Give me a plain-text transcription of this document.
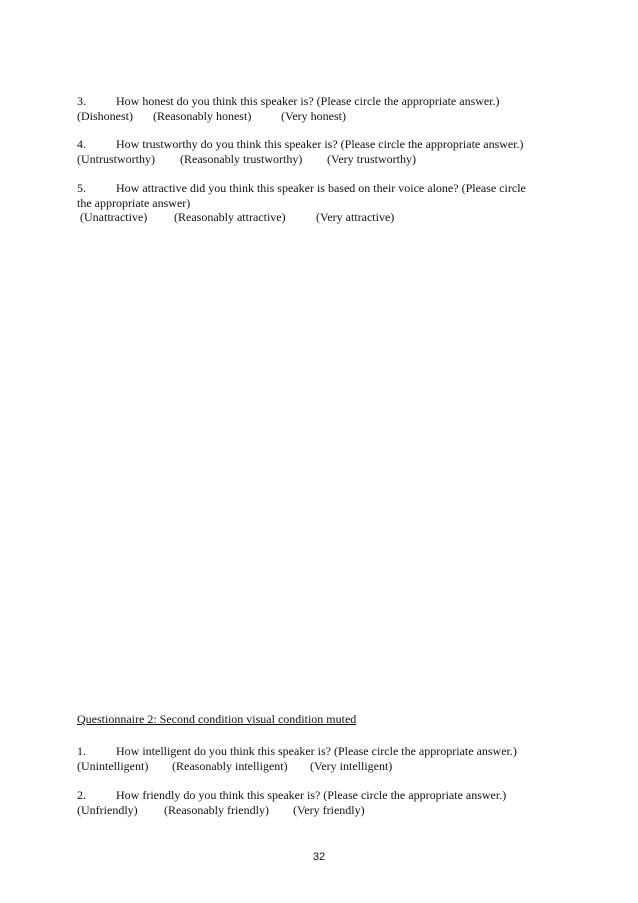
3.	How honest do you think this speaker is? (Please circle the appropriate answer.)
(Dishonest) (Reasonably honest) (Very honest)
4.	How trustworthy do you think this speaker is? (Please circle the appropriate answer.)
(Untrustworthy) (Reasonably trustworthy) (Very trustworthy)
5.	How attractive did you think this speaker is based on their voice alone? (Please circle
the appropriate answer)
(Unattractive) (Reasonably attractive)	(Very attractive)
Questionnaire 2: Second condition visual condition muted
1.	How intelligent do you think this speaker is? (Please circle the appropriate answer.)
(Unintelligent) (Reasonably intelligent) (Very intelligent)
2.	How friendly do you think this speaker is? (Please circle the appropriate answer.)
(Unfriendly) (Reasonably friendly) (Very friendly)
32
